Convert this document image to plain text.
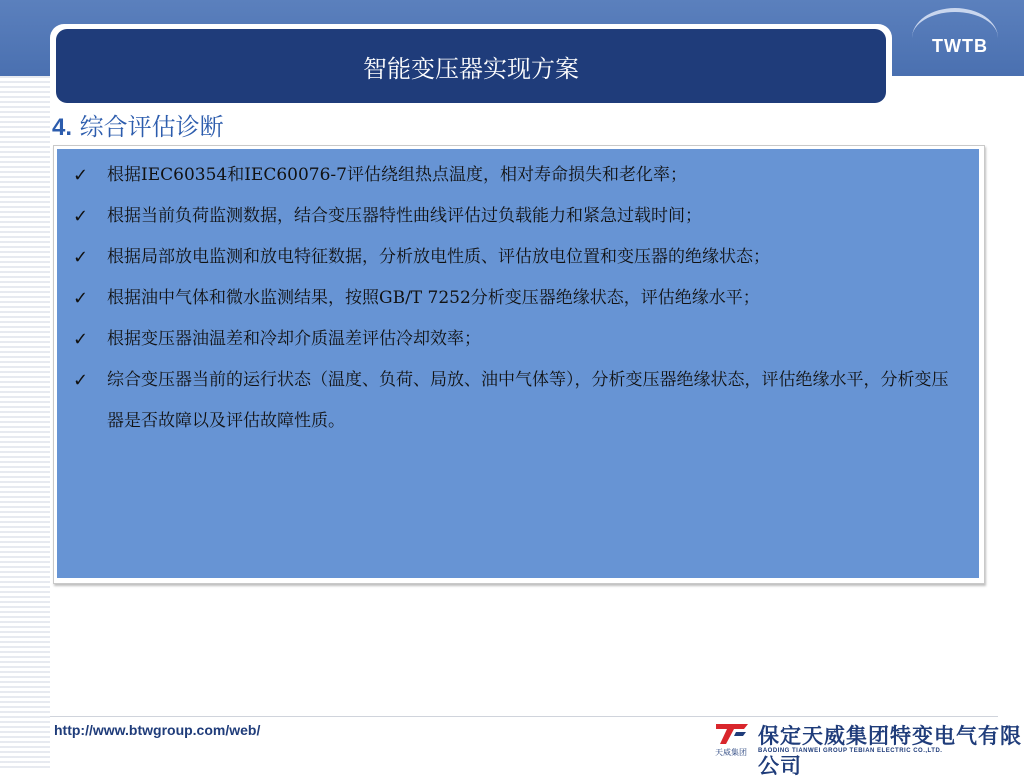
TWTB
智能变压器实现方案
4. 综合评估诊断
✓	根据IEC60354和IEC60076-7评估绕组热点温度，相对寿命损失和老化率；
✓	根据当前负荷监测数据，结合变压器特性曲线评估过负载能力和紧急过载时间；
✓	根据局部放电监测和放电特征数据，分析放电性质、评估放电位置和变压器的绝缘状态；
✓	根据油中气体和微水监测结果，按照GB/T 7252分析变压器绝缘状态，评估绝缘水平；
✓	根据变压器油温差和冷却介质温差评估冷却效率；
✓	综合变压器当前的运行状态（温度、负荷、局放、油中气体等），分析变压器绝缘状态，评估绝缘水平，分析变压器是否故障以及评估故障性质。
http://www.btwgroup.com/web/
天威集团
保定天威集团特变电气有限公司
BAODING TIANWEI GROUP TEBIAN ELECTRIC CO.,LTD.
